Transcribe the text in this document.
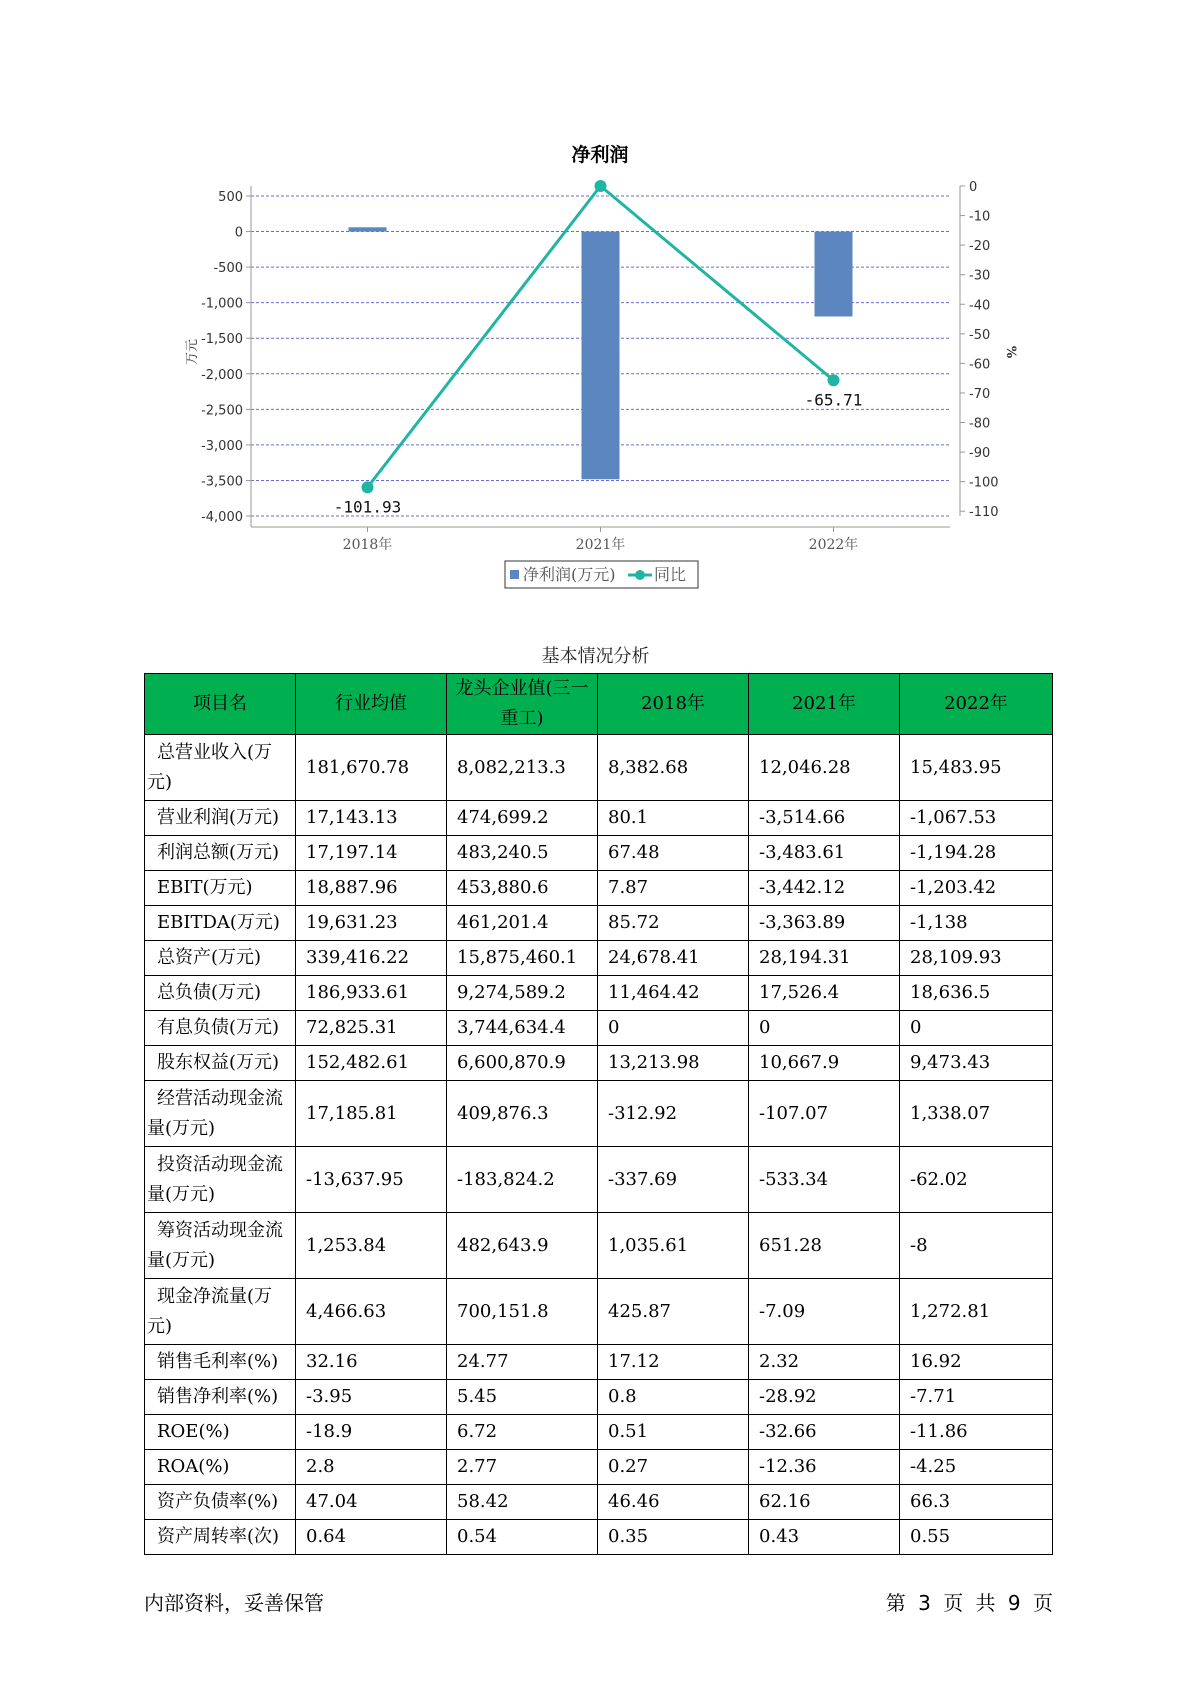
净利润
-101.93
-65.71
500
0
-500
-1,000
-1,500
-2,000
-2,500
-3,000
-3,500
-4,000
0
-10
-20
-30
-40
-50
-60
-70
-80
-90
-100
-110
2018年	2021年	2022年
万元	%
净利润(万元) 同比
基本情况分析
项目名	行业均值	龙头企业值(三一重工)	2018年	2021年	2022年
总营业收入(万元)	181,670.78	8,082,213.3	8,382.68	12,046.28	15,483.95
营业利润(万元)	17,143.13	474,699.2	80.1	-3,514.66	-1,067.53
利润总额(万元)	17,197.14	483,240.5	67.48	-3,483.61	-1,194.28
EBIT(万元)	18,887.96	453,880.6	7.87	-3,442.12	-1,203.42
EBITDA(万元)	19,631.23	461,201.4	85.72	-3,363.89	-1,138
总资产(万元)	339,416.22	15,875,460.1	24,678.41	28,194.31	28,109.93
总负债(万元)	186,933.61	9,274,589.2	11,464.42	17,526.4	18,636.5
有息负债(万元)	72,825.31	3,744,634.4	0	0	0
股东权益(万元)	152,482.61	6,600,870.9	13,213.98	10,667.9	9,473.43
经营活动现金流量(万元)	17,185.81	409,876.3	-312.92	-107.07	1,338.07
投资活动现金流量(万元)	-13,637.95	-183,824.2	-337.69	-533.34	-62.02
筹资活动现金流量(万元)	1,253.84	482,643.9	1,035.61	651.28	-8
现金净流量(万元)	4,466.63	700,151.8	425.87	-7.09	1,272.81
销售毛利率(%)	32.16	24.77	17.12	2.32	16.92
销售净利率(%)	-3.95	5.45	0.8	-28.92	-7.71
ROE(%)	-18.9	6.72	0.51	-32.66	-11.86
ROA(%)	2.8	2.77	0.27	-12.36	-4.25
资产负债率(%)	47.04	58.42	46.46	62.16	66.3
资产周转率(次)	0.64	0.54	0.35	0.43	0.55
内部资料，妥善保管	第 3 页 共 9 页
